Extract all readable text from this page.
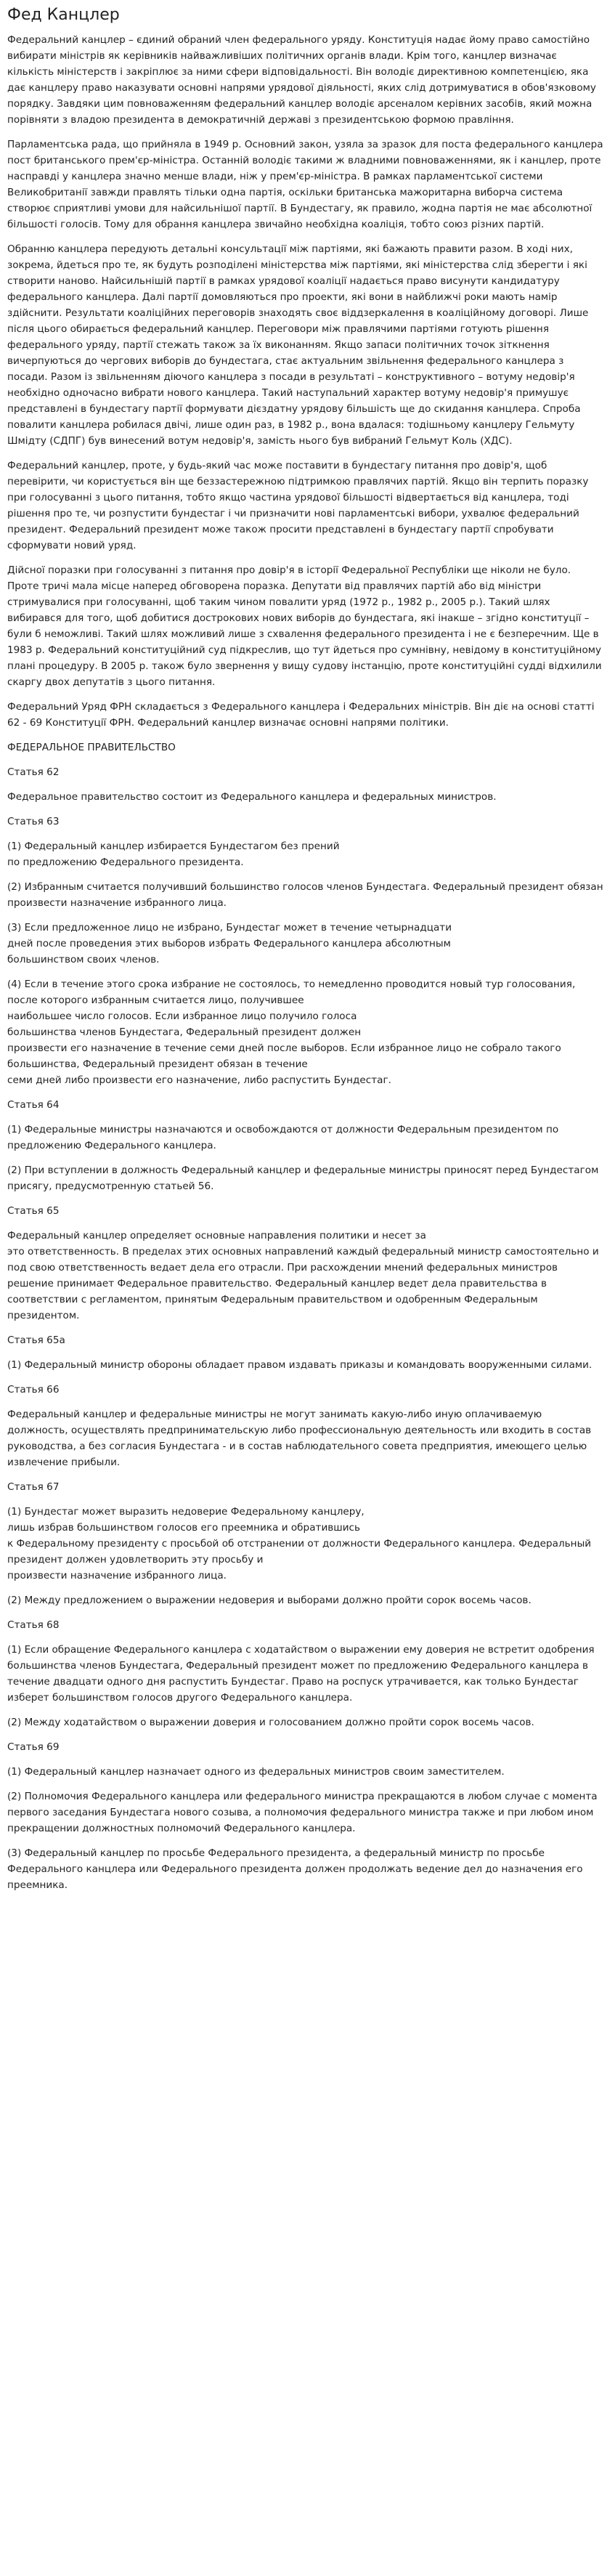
Фед Канцлер

Федеральний канцлер – єдиний обраний член федерального уряду. Конституція надає йому право самостійно вибирати міністрів як керівників найважливіших політичних органів влади. Крім того, канцлер визначає кількість міністерств і закріплює за ними сфери відповідальності. Він володіє директивною компетенцією, яка дає канцлеру право наказувати основні напрями урядової діяльності, яких слід дотримуватися в обов'язковому порядку. Завдяки цим повноваженням федеральний канцлер володіє арсеналом керівних засобів, який можна порівняти з владою президента в демократичній державі з президентською формою правління.

Парламентська рада, що прийняла в 1949 р. Основний закон, узяла за зразок для поста федерального канцлера пост британського прем'єр-міністра. Останній володіє такими ж владними повноваженнями, як і канцлер, проте насправді у канцлера значно менше влади, ніж у прем'єр-міністра. В рамках парламентської системи Великобританії завжди правлять тільки одна партія, оскільки британська мажоритарна виборча система створює сприятливі умови для найсильнішої партії. В Бундестагу, як правило, жодна партія не має абсолютної більшості голосів. Тому для обрання канцлера звичайно необхідна коаліція, тобто союз різних партій.

Обранню канцлера передують детальні консультації між партіями, які бажають правити разом. В ході них, зокрема, йдеться про те, як будуть розподілені міністерства між партіями, які міністерства слід зберегти і які створити наново. Найсильнішій партії в рамках урядової коаліції надається право висунути кандидатуру федерального канцлера. Далі партії домовляються про проекти, які вони в найближчі роки мають намір здійснити. Результати коаліційних переговорів знаходять своє віддзеркалення в коаліційному договорі. Лише після цього обирається федеральний канцлер. Переговори між правлячими партіями готують рішення федерального уряду, партії стежать також за їх виконанням. Якщо запаси політичних точок зіткнення вичерпуються до чергових виборів до бундестага, стає актуальним звільнення федерального канцлера з посади. Разом із звільненням діючого канцлера з посади в результаті – конструктивного – вотуму недовір'я необхідно одночасно вибрати нового канцлера. Такий наступальний характер вотуму недовір'я примушує представлені в бундестагу партії формувати дієздатну урядову більшість ще до скидання канцлера. Спроба повалити канцлера робилася двічі, лише один раз, в 1982 р., вона вдалася: тодішньому канцлеру Гельмуту Шмідту (СДПГ) був винесений вотум недовір'я, замість нього був вибраний Гельмут Коль (ХДС).

Федеральний канцлер, проте, у будь-який час може поставити в бундестагу питання про довір'я, щоб перевірити, чи користується він ще беззастережною підтримкою правлячих партій. Якщо він терпить поразку при голосуванні з цього питання, тобто якщо частина урядової більшості відвертається від канцлера, тоді рішення про те, чи розпустити бундестаг і чи призначити нові парламентські вибори, ухвалює федеральний президент. Федеральний президент може також просити представлені в бундестагу партії спробувати сформувати новий уряд.

Дійсної поразки при голосуванні з питання про довір'я в історії Федеральної Республіки ще ніколи не було. Проте тричі мала місце наперед обговорена поразка. Депутати від правлячих партій або від міністри стримувалися при голосуванні, щоб таким чином повалити уряд (1972 р., 1982 р., 2005 р.). Такий шлях вибирався для того, щоб добитися дострокових нових виборів до бундестага, які інакше – згідно конституції – були б неможливі. Такий шлях можливий лише з схвалення федерального президента і не є безперечним. Ще в 1983 р. Федеральний конституційний суд підкреслив, що тут йдеться про сумнівну, невідому в конституційному плані процедуру. В 2005 р. також було звернення у вищу судову інстанцію, проте конституційні судді відхилили скаргу двох депутатів з цього питання.

Федеральний Уряд ФРН складається з Федерального канцлера і Федеральних міністрів. Він діє на основі статті 62 - 69 Конституції ФРН. Федеральний канцлер визначає основні напрями політики.

ФЕДЕРАЛЬНОЕ ПРАВИТЕЛЬСТВО

Статья 62

Федеральное правительство состоит из Федерального канцлера и федеральных министров.

Статья 63

(1) Федеральный канцлер избирается Бундестагом без прений
по предложению Федерального президента.

(2) Избранным считается получивший большинство голосов членов Бундестага. Федеральный президент обязан произвести назначение избранного лица.

(3) Если предложенное лицо не избрано, Бундестаг может в течение четырнадцати
дней после проведения этих выборов избрать Федерального канцлера абсолютным
большинством своих членов.

(4) Если в течение этого срока избрание не состоялось, то немедленно проводится новый тур голосования, после которого избранным считается лицо, получившее
наибольшее число голосов. Если избранное лицо получило голоса
большинства членов Бундестага, Федеральный президент должен
произвести его назначение в течение семи дней после выборов. Если избранное лицо не собрало такого большинства, Федеральный президент обязан в течение
семи дней либо произвести его назначение, либо распустить Бундестаг.

Статья 64

(1) Федеральные министры назначаются и освобождаются от должности Федеральным президентом по предложению Федерального канцлера.

(2) При вступлении в должность Федеральный канцлер и федеральные министры приносят перед Бундестагом присягу, предусмотренную статьей 56.

Статья 65

Федеральный канцлер определяет основные направления политики и несет за
это ответственность. В пределах этих основных направлений каждый федеральный министр самостоятельно и под свою ответственность ведает дела его отрасли. При расхождении мнений федеральных министров решение принимает Федеральное правительство. Федеральный канцлер ведет дела правительства в соответствии с регламентом, принятым Федеральным правительством и одобренным Федеральным президентом.

Статья 65а

(1) Федеральный министр обороны обладает правом издавать приказы и командовать вооруженными силами.

Статья 66

Федеральный канцлер и федеральные министры не могут занимать какую-либо иную оплачиваемую должность, осуществлять предпринимательскую либо профессиональную деятельность или входить в состав руководства, а без согласия Бундестага - и в состав наблюдательного совета предприятия, имеющего целью извлечение прибыли.

Статья 67

(1) Бундестаг может выразить недоверие Федеральному канцлеру,
лишь избрав большинством голосов его преемника и обратившись
к Федеральному президенту с просьбой об отстранении от должности Федерального канцлера. Федеральный президент должен удовлетворить эту просьбу и
произвести назначение избранного лица.

(2) Между предложением о выражении недоверия и выборами должно пройти сорок восемь часов.

Статья 68

(1) Если обращение Федерального канцлера с ходатайством о выражении ему доверия не встретит одобрения большинства членов Бундестага, Федеральный президент может по предложению Федерального канцлера в течение двадцати одного дня распустить Бундестаг. Право на роспуск утрачивается, как только Бундестаг изберет большинством голосов другого Федерального канцлера.

(2) Между ходатайством о выражении доверия и голосованием должно пройти сорок восемь часов.

Статья 69

(1) Федеральный канцлер назначает одного из федеральных министров своим заместителем.

(2) Полномочия Федерального канцлера или федерального министра прекращаются в любом случае с момента первого заседания Бундестага нового созыва, а полномочия федерального министра также и при любом ином прекращении должностных полномочий Федерального канцлера.

(3) Федеральный канцлер по просьбе Федерального президента, а федеральный министр по просьбе Федерального канцлера или Федерального президента должен продолжать ведение дел до назначения его преемника.
